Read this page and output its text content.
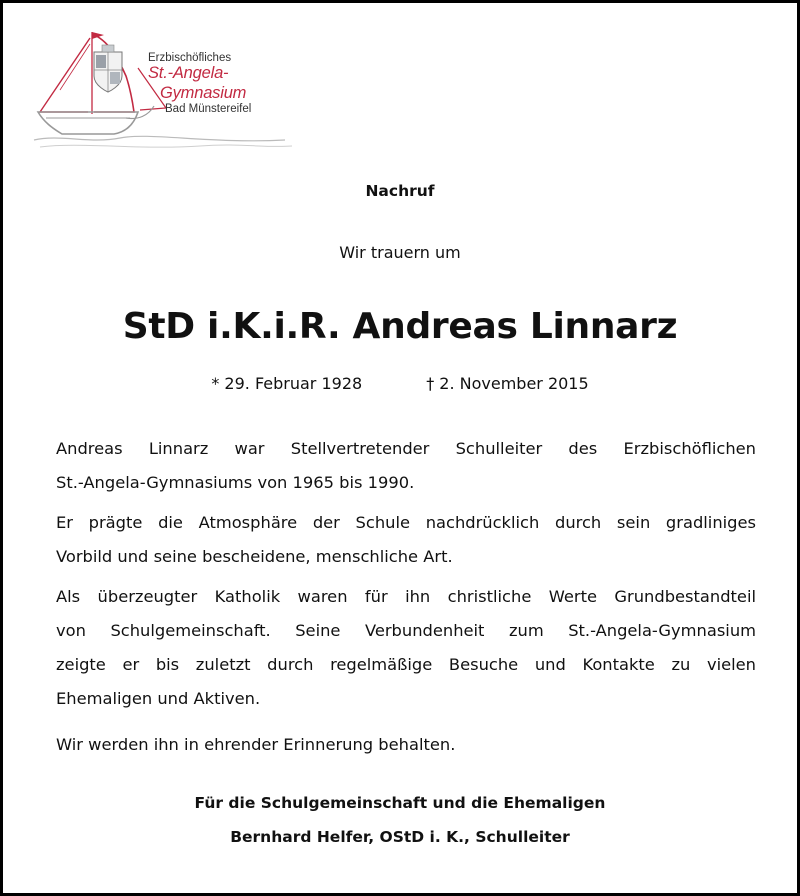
Erzbischöfliches
St.-Angela-
Gymnasium
Bad Münstereifel
Nachruf
Wir trauern um
StD i.K.i.R. Andreas Linnarz
* 29. Februar 1928	† 2. November 2015

Andreas Linnarz war Stellvertretender Schulleiter des Erzbischöflichen

St.-Angela-Gymnasiums von 1965 bis 1990.

Er prägte die Atmosphäre der Schule nachdrücklich durch sein gradliniges

Vorbild und seine bescheidene, menschliche Art.

Als überzeugter Katholik waren für ihn christliche Werte Grundbestandteil

von Schulgemeinschaft. Seine Verbundenheit zum St.-Angela-Gymnasium

zeigte er bis zuletzt durch regelmäßige Besuche und Kontakte zu vielen

Ehemaligen und Aktiven.

Wir werden ihn in ehrender Erinnerung behalten.

Für die Schulgemeinschaft und die Ehemaligen
Bernhard Helfer, OStD i. K., Schulleiter
